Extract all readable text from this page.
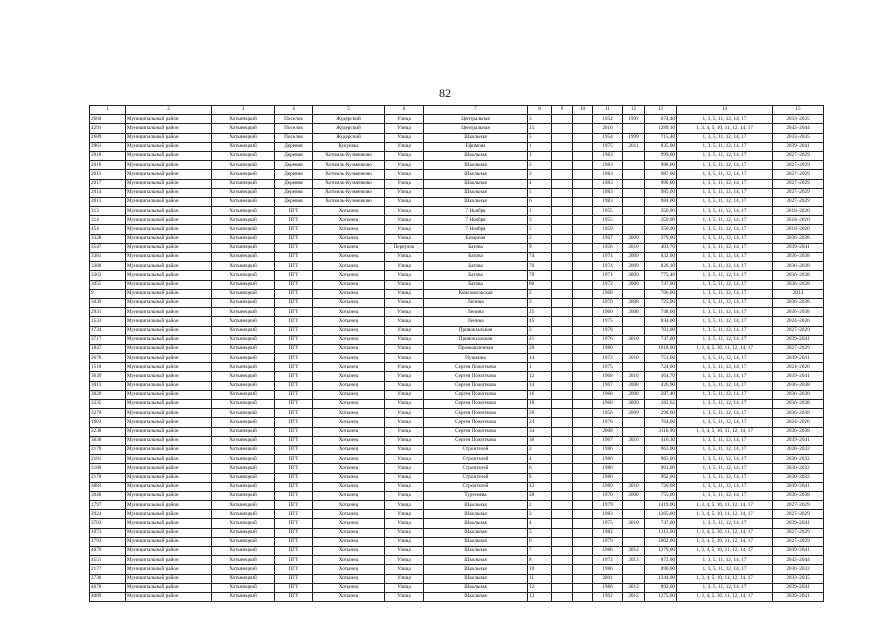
82
1	2	3	4	5	6	7	8	9	10	11	12	13	14	15
2660	Муниципальный район	Хотынецкий	Поселок	Жудерский	Улица	Центральная	3			1954	1997	674,40	1, 3, 5, 11, 12, 14, 17	2033–2035
4291	Муниципальный район	Хотынецкий	Поселок	Жудерский	Улица	Центральная	15			2016		1289,10	1, 3, 4, 5, 10, 11, 12, 14, 17	2042–2044
2689	Муниципальный район	Хотынецкий	Поселок	Жудерский	Улица	Школьная	5			1954	1999	715,40	1, 3, 5, 11, 12, 14, 17	2033–2035
3961	Муниципальный район	Хотынецкий	Деревня	Кукуевка	Улица	Ефимова	1			1975	2011	835,00	1, 3, 5, 11, 12, 14, 17	2039–2041
2018	Муниципальный район	Хотынецкий	Деревня	Хотимль-Кузменково	Улица	Школьная	1			1983		999,00	1, 3, 5, 11, 12, 14, 17	2027–2029
2016	Муниципальный район	Хотынецкий	Деревня	Хотимль-Кузменково	Улица	Школьная	2			1983		988,00	1, 3, 5, 11, 12, 14, 17	2027–2029
2015	Муниципальный район	Хотынецкий	Деревня	Хотимль-Кузменково	Улица	Школьная	3			1983		987,00	1, 3, 5, 11, 12, 14, 17	2027–2029
2017	Муниципальный район	Хотынецкий	Деревня	Хотимль-Кузменково	Улица	Школьная	4			1983		990,00	1, 3, 5, 11, 12, 14, 17	2027–2029
2014	Муниципальный район	Хотынецкий	Деревня	Хотимль-Кузменково	Улица	Школьная	5			1983		985,00	1, 3, 5, 11, 12, 14, 17	2027–2029
2013	Муниципальный район	Хотынецкий	Деревня	Хотимль-Кузменково	Улица	Школьная	6			1983		984,00	1, 3, 5, 11, 12, 14, 17	2027–2029
313	Муниципальный район	Хотынецкий	ПГТ	Хотынец	Улица	7 Ноября	1			1955		350,00	1, 3, 5, 11, 12, 14, 17	2018–2020
314	Муниципальный район	Хотынецкий	ПГТ	Хотынец	Улица	7 Ноября	3			1955		350,00	1, 3, 5, 11, 12, 14, 17	2018–2020
454	Муниципальный район	Хотынецкий	ПГТ	Хотынец	Улица	7 Ноября	5			1959		350,00	1, 3, 5, 11, 12, 14, 17	2018–2020
3328	Муниципальный район	Хотынецкий	ПГТ	Хотынец	Улица	Базарная	2			1967	2009	379,00	1, 3, 5, 11, 12, 14, 17	2036–2038
3547	Муниципальный район	Хотынецкий	ПГТ	Хотынец	Переулок	Батова	9			1956	2010	403,70	1, 3, 5, 11, 12, 14, 17	2039–2041
3381	Муниципальный район	Хотынецкий	ПГТ	Хотынец	Улица	Батова	74			1974	2009	832,00	1, 3, 5, 11, 12, 14, 17	2036–2038
3380	Муниципальный район	Хотынецкий	ПГТ	Хотынец	Улица	Батова	76			1974	2009	826,30	1, 3, 5, 11, 12, 14, 17	2036–2038
3363	Муниципальный район	Хотынецкий	ПГТ	Хотынец	Улица	Батова	78			1971	2009	775,40	1, 3, 5, 11, 12, 14, 17	2036–2038
3055	Муниципальный район	Хотынецкий	ПГТ	Хотынец	Улица	Батова	80			1972	2008	747,00	1, 3, 5, 11, 12, 14, 17	2036–2038
9	Муниципальный район	Хотынецкий	ПГТ	Хотынец	Улица	Комсомольская	2			1968		766,00	1, 3, 5, 11, 12, 14, 17	2014
3039	Муниципальный район	Хотынецкий	ПГТ	Хотынец	Улица	Ленина	3			1970	2008	725,00	1, 3, 5, 11, 12, 14, 17	2036–2038
2931	Муниципальный район	Хотынецкий	ПГТ	Хотынец	Улица	Ленина	25			1960	2008	748,00	1, 3, 5, 11, 12, 14, 17	2036–2038
1533	Муниципальный район	Хотынецкий	ПГТ	Хотынец	Улица	Ленина	45			1975		834,00	1, 3, 5, 11, 12, 14, 17	2024–2026
1734	Муниципальный район	Хотынецкий	ПГТ	Хотынец	Улица	Привокзальная	2			1978		701,00	1, 3, 5, 11, 12, 14, 17	2027–2029
3717	Муниципальный район	Хотынецкий	ПГТ	Хотынец	Улица	Привокзальная	21			1976	2010	747,00	1, 3, 5, 11, 12, 14, 17	2039–2041
1847	Муниципальный район	Хотынецкий	ПГТ	Хотынец	Улица	Промышленная	28			1980		1018,00	1, 3, 4, 5, 10, 11, 12, 14, 17	2027–2029
3676	Муниципальный район	Хотынецкий	ПГТ	Хотынец	Улица	Пушкина	14			1972	2010	751,00	1, 3, 5, 11, 12, 14, 17	2039–2041
1518	Муниципальный район	Хотынецкий	ПГТ	Хотынец	Улица	Сергея Пожиткова	1			1975		724,00	1, 3, 5, 11, 12, 14, 17	2024–2026
3639	Муниципальный район	Хотынецкий	ПГТ	Хотынец	Улица	Сергея Пожиткова	12			1968	2010	364,70	1, 3, 5, 11, 12, 14, 17	2039–2041
3013	Муниципальный район	Хотынецкий	ПГТ	Хотынец	Улица	Сергея Пожиткова	14			1967	2008	426,90	1, 3, 5, 11, 12, 14, 17	2036–2038
3020	Муниципальный район	Хотынецкий	ПГТ	Хотынец	Улица	Сергея Пожиткова	16			1968	2008	287,40	1, 3, 5, 11, 12, 14, 17	2036–2038
3335	Муниципальный район	Хотынецкий	ПГТ	Хотынец	Улица	Сергея Пожиткова	18			1968	2009	282,62	1, 3, 5, 11, 12, 14, 17	2036–2038
3270	Муниципальный район	Хотынецкий	ПГТ	Хотынец	Улица	Сергея Пожиткова	20			1956	2009	290,60	1, 3, 5, 11, 12, 14, 17	2036–2038
1603	Муниципальный район	Хотынецкий	ПГТ	Хотынец	Улица	Сергея Пожиткова	24			1976		764,00	1, 3, 5, 11, 12, 14, 17	2024–2026
3238	Муниципальный район	Хотынецкий	ПГТ	Хотынец	Улица	Сергея Пожиткова	34			2008		3118,90	1, 3, 4, 5, 10, 11, 12, 14, 17	2036–2038
3630	Муниципальный район	Хотынецкий	ПГТ	Хотынец	Улица	Сергея Пожиткова	36			1967	2010	416,30	1, 3, 5, 11, 12, 14, 17	2039–2041
2179	Муниципальный район	Хотынецкий	ПГТ	Хотынец	Улица	Строителей	2			1986		963,00	1, 3, 5, 11, 12, 14, 17	2030–2032
2181	Муниципальный район	Хотынецкий	ПГТ	Хотынец	Улица	Строителей	4			1986		965,00	1, 3, 5, 11, 12, 14, 17	2030–2032
2180	Муниципальный район	Хотынецкий	ПГТ	Хотынец	Улица	Строителей	6			1986		963,00	1, 3, 5, 11, 12, 14, 17	2030–2032
2178	Муниципальный район	Хотынецкий	ПГТ	Хотынец	Улица	Строителей	8			1986		962,00	1, 3, 5, 11, 12, 14, 17	2030–2032
3883	Муниципальный район	Хотынецкий	ПГТ	Хотынец	Улица	Строителей	42			1989	2010	720,08	1, 3, 5, 11, 12, 14, 17	2039–2041
3040	Муниципальный район	Хотынецкий	ПГТ	Хотынец	Улица	Тургенева	28			1970	2008	755,00	1, 3, 5, 11, 12, 14, 17	2036–2038
1797	Муниципальный район	Хотынецкий	ПГТ	Хотынец	Улица	Школьная	2			1979		1419,00	1, 3, 4, 5, 10, 11, 12, 14, 17	2027–2029
2024	Муниципальный район	Хотынецкий	ПГТ	Хотынец	Улица	Школьная	3			1983		1265,00	1, 3, 4, 5, 10, 11, 12, 14, 17	2027–2029
3703	Муниципальный район	Хотынецкий	ПГТ	Хотынец	Улица	Школьная	4			1975	2010	747,00	1, 3, 5, 11, 12, 14, 17	2039–2041
1973	Муниципальный район	Хотынецкий	ПГТ	Хотынец	Улица	Школьная	5			1982		1313,00	1, 3, 4, 5, 10, 11, 12, 14, 17	2027–2029
1793	Муниципальный район	Хотынецкий	ПГТ	Хотынец	Улица	Школьная	6			1979		1002,00	1, 3, 4, 5, 10, 11, 12, 14, 17	2027–2029
4079	Муниципальный район	Хотынецкий	ПГТ	Хотынец	Улица	Школьная	7			1986	2012	1279,00	1, 3, 4, 5, 10, 11, 12, 14, 17	2039–2041
4151	Муниципальный район	Хотынецкий	ПГТ	Хотынец	Улица	Школьная	8			1972	2013	872,00	1, 3, 5, 11, 12, 14, 17	2042–2044
2177	Муниципальный район	Хотынецкий	ПГТ	Хотынец	Улица	Школьная	10			1986		890,00	1, 3, 5, 11, 12, 14, 17	2030–2032
2730	Муниципальный район	Хотынецкий	ПГТ	Хотынец	Улица	Школьная	11			2001		1344,00	1, 3, 4, 5, 10, 11, 12, 14, 17	2033–2035
4078	Муниципальный район	Хотынецкий	ПГТ	Хотынец	Улица	Школьная	12			1986	2012	892,00	1, 3, 5, 11, 12, 14, 17	2039–2041
4089	Муниципальный район	Хотынецкий	ПГТ	Хотынец	Улица	Школьная	13			1992	2012	1275,00	1, 3, 4, 5, 10, 11, 12, 14, 17	2039–2041
